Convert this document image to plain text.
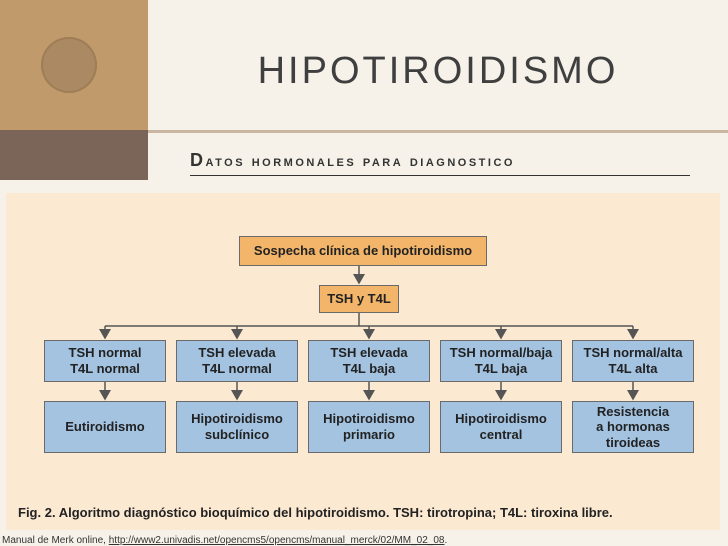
HIPOTIROIDISMO
Datos hormonales para diagnostico
Sospecha clínica de hipotiroidismo
TSH y T4L
TSH normal
T4L normal
Eutiroidismo
TSH elevada
T4L normal
Hipotiroidismo
subclínico
TSH elevada
T4L baja
Hipotiroidismo
primario
TSH normal/baja
T4L baja
Hipotiroidismo
central
TSH normal/alta
T4L alta
Resistencia
a hormonas
tiroideas
Fig. 2. Algoritmo diagnóstico bioquímico del hipotiroidismo. TSH: tirotropina; T4L: tiroxina libre.
Manual de Merk online, http://www2.univadis.net/opencms5/opencms/manual_merck/02/MM_02_08.
